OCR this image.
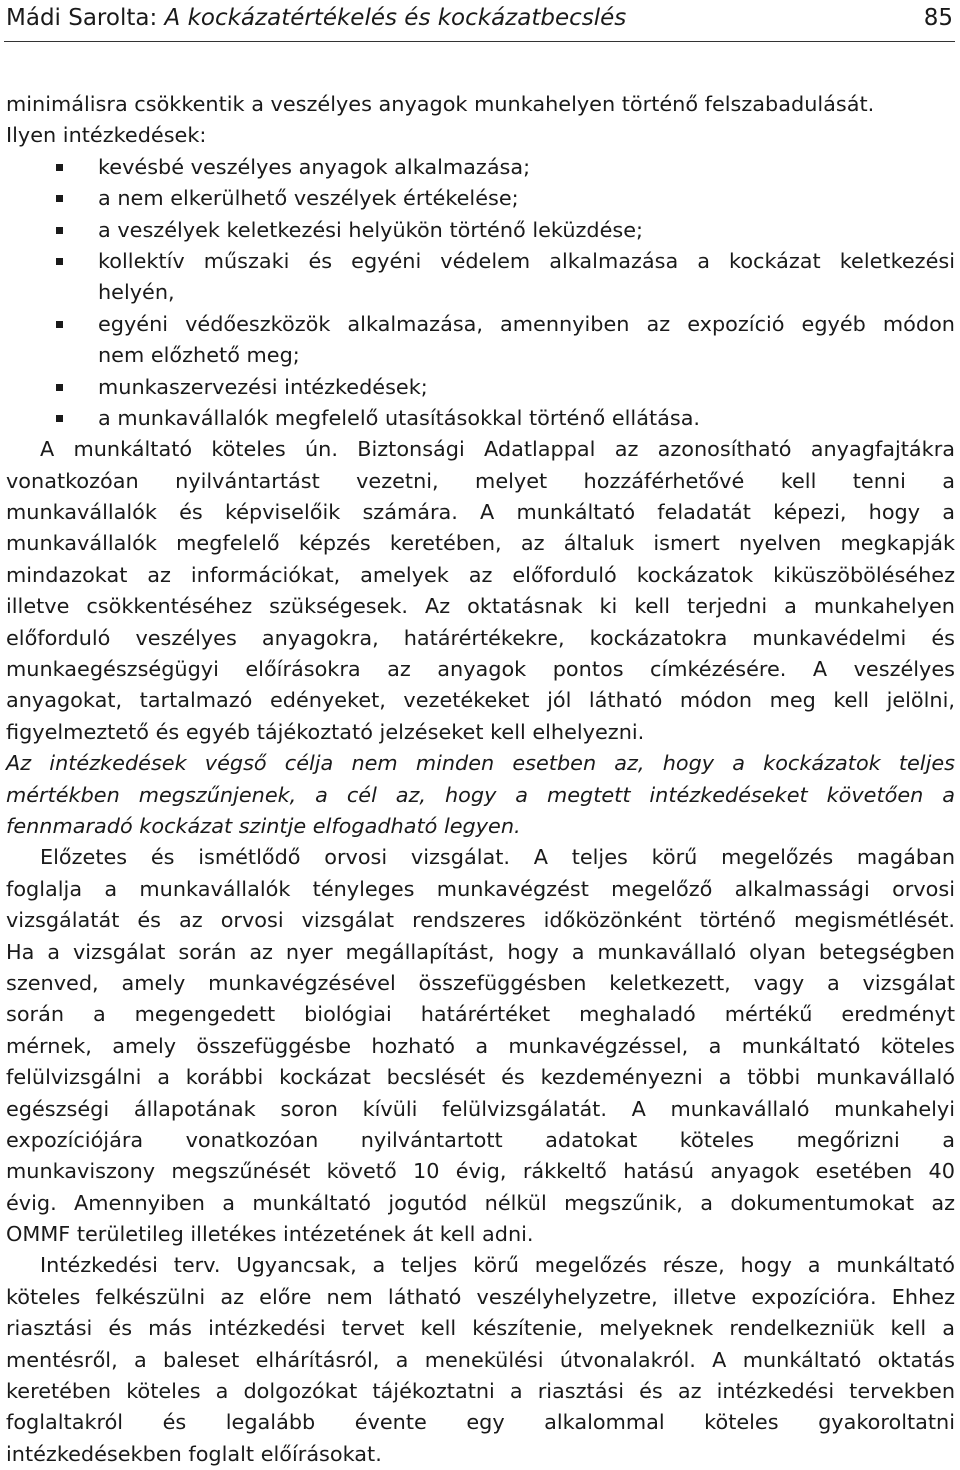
Mádi Sarolta: A kockázatértékelés és kockázatbecslés	85
minimálisra csökkentik a veszélyes anyagok munkahelyen történő felszabadulását.
Ilyen intézkedések:
kevésbé veszélyes anyagok alkalmazása;
a nem elkerülhető veszélyek értékelése;
a veszélyek keletkezési helyükön történő leküzdése;
kollektív műszaki és egyéni védelem alkalmazása a kockázat keletkezési
helyén,
egyéni védőeszközök alkalmazása, amennyiben az expozíció egyéb módon
nem előzhető meg;
munkaszervezési intézkedések;
a munkavállalók megfelelő utasításokkal történő ellátása.
A munkáltató köteles ún. Biztonsági Adatlappal az azonosítható anyagfajtákra
vonatkozóan nyilvántartást vezetni, melyet hozzáférhetővé kell tenni a
munkavállalók és képviselőik számára. A munkáltató feladatát képezi, hogy a
munkavállalók megfelelő képzés keretében, az általuk ismert nyelven megkapják
mindazokat az információkat, amelyek az előforduló kockázatok kiküszöböléséhez
illetve csökkentéséhez szükségesek. Az oktatásnak ki kell terjedni a munkahelyen
előforduló veszélyes anyagokra, határértékekre, kockázatokra munkavédelmi és
munkaegészségügyi előírásokra az anyagok pontos címkézésére. A veszélyes
anyagokat, tartalmazó edényeket, vezetékeket jól látható módon meg kell jelölni,
figyelmeztető és egyéb tájékoztató jelzéseket kell elhelyezni.
Az intézkedések végső célja nem minden esetben az, hogy a kockázatok teljes
mértékben megszűnjenek, a cél az, hogy a megtett intézkedéseket követően a
fennmaradó kockázat szintje elfogadható legyen.
Előzetes és ismétlődő orvosi vizsgálat. A teljes körű megelőzés magában
foglalja a munkavállalók tényleges munkavégzést megelőző alkalmassági orvosi
vizsgálatát és az orvosi vizsgálat rendszeres időközönként történő megismétlését.
Ha a vizsgálat során az nyer megállapítást, hogy a munkavállaló olyan betegségben
szenved, amely munkavégzésével összefüggésben keletkezett, vagy a vizsgálat
során a megengedett biológiai határértéket meghaladó mértékű eredményt
mérnek, amely összefüggésbe hozható a munkavégzéssel, a munkáltató köteles
felülvizsgálni a korábbi kockázat becslését és kezdeményezni a többi munkavállaló
egészségi állapotának soron kívüli felülvizsgálatát. A munkavállaló munkahelyi
expozíciójára vonatkozóan nyilvántartott adatokat köteles megőrizni a
munkaviszony megszűnését követő 10 évig, rákkeltő hatású anyagok esetében 40
évig. Amennyiben a munkáltató jogutód nélkül megszűnik, a dokumentumokat az
OMMF területileg illetékes intézetének át kell adni.
Intézkedési terv. Ugyancsak, a teljes körű megelőzés része, hogy a munkáltató
köteles felkészülni az előre nem látható veszélyhelyzetre, illetve expozícióra. Ehhez
riasztási és más intézkedési tervet kell készítenie, melyeknek rendelkezniük kell a
mentésről, a baleset elhárításról, a menekülési útvonalakról. A munkáltató oktatás
keretében köteles a dolgozókat tájékoztatni a riasztási és az intézkedési tervekben
foglaltakról és legalább évente egy alkalommal köteles gyakoroltatni
intézkedésekben foglalt előírásokat.
